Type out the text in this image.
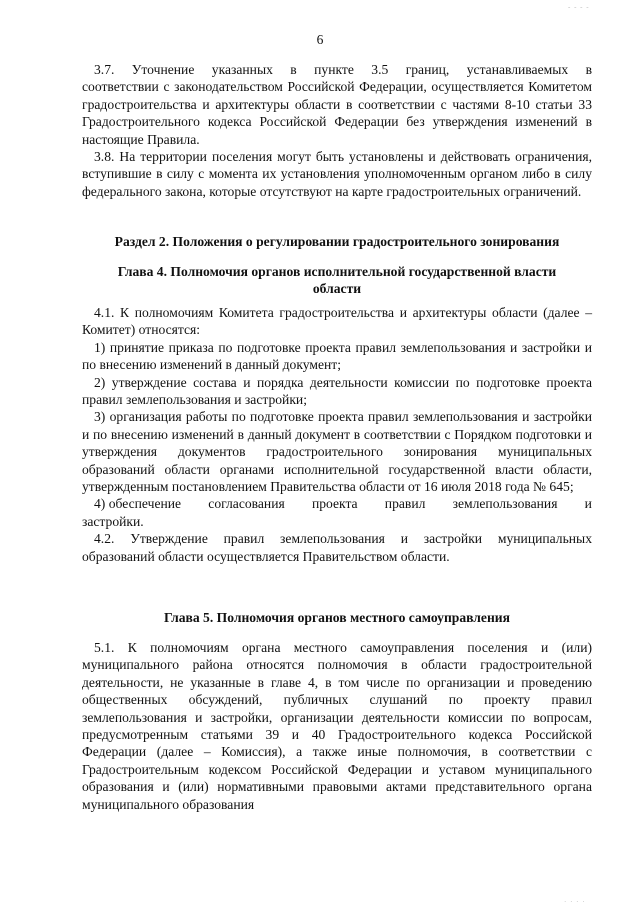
- - - -
6
3.7. Уточнение указанных в пункте 3.5 границ, устанавливаемых в

соответствии с законодательством Российской Федерации, осуществляется Комитетом градостроительства и архитектуры области в соответствии с частями 8-10 статьи 33 Градостроительного кодекса Российской Федерации без утверждения изменений в настоящие Правила.

3.8. На территории поселения могут быть установлены и действовать ограничения, вступившие в силу с момента их установления уполномоченным органом либо в силу федерального закона, которые отсутствуют на карте градостроительных ограничений.

Раздел 2. Положения о регулировании градостроительного зонирования
Глава 4. Полномочия органов исполнительной государственной власти
области

4.1. К полномочиям Комитета градостроительства и архитектуры области (далее – Комитет) относятся:

1) принятие приказа по подготовке проекта правил землепользования и застройки и по внесению изменений в данный документ;

2) утверждение состава и порядка деятельности комиссии по подготовке проекта правил землепользования и застройки;

3) организация работы по подготовке проекта правил землепользования и застройки и по внесению изменений в данный документ в соответствии с Порядком подготовки и утверждения документов градостроительного зонирования муниципальных образований области органами исполнительной государственной власти области, утвержденным постановлением Правительства области от 16 июля 2018 года № 645;

4) обеспечение согласования проекта правил землепользования и

застройки.

4.2. Утверждение правил землепользования и застройки муниципальных образований области осуществляется Правительством области.

Глава 5. Полномочия органов местного самоуправления

5.1. К полномочиям органа местного самоуправления поселения и (или) муниципального района относятся полномочия в области градостроительной деятельности, не указанные в главе 4, в том числе по организации и проведению общественных обсуждений, публичных слушаний по проекту правил землепользования и застройки, организации деятельности комиссии по вопросам, предусмотренным статьями 39 и 40 Градостроительного кодекса Российской Федерации (далее – Комиссия), а также иные полномочия, в соответствии с Градостроительным кодексом Российской Федерации и уставом муниципального образования и (или) нормативными правовыми актами представительного органа муниципального образования

· · · ·
